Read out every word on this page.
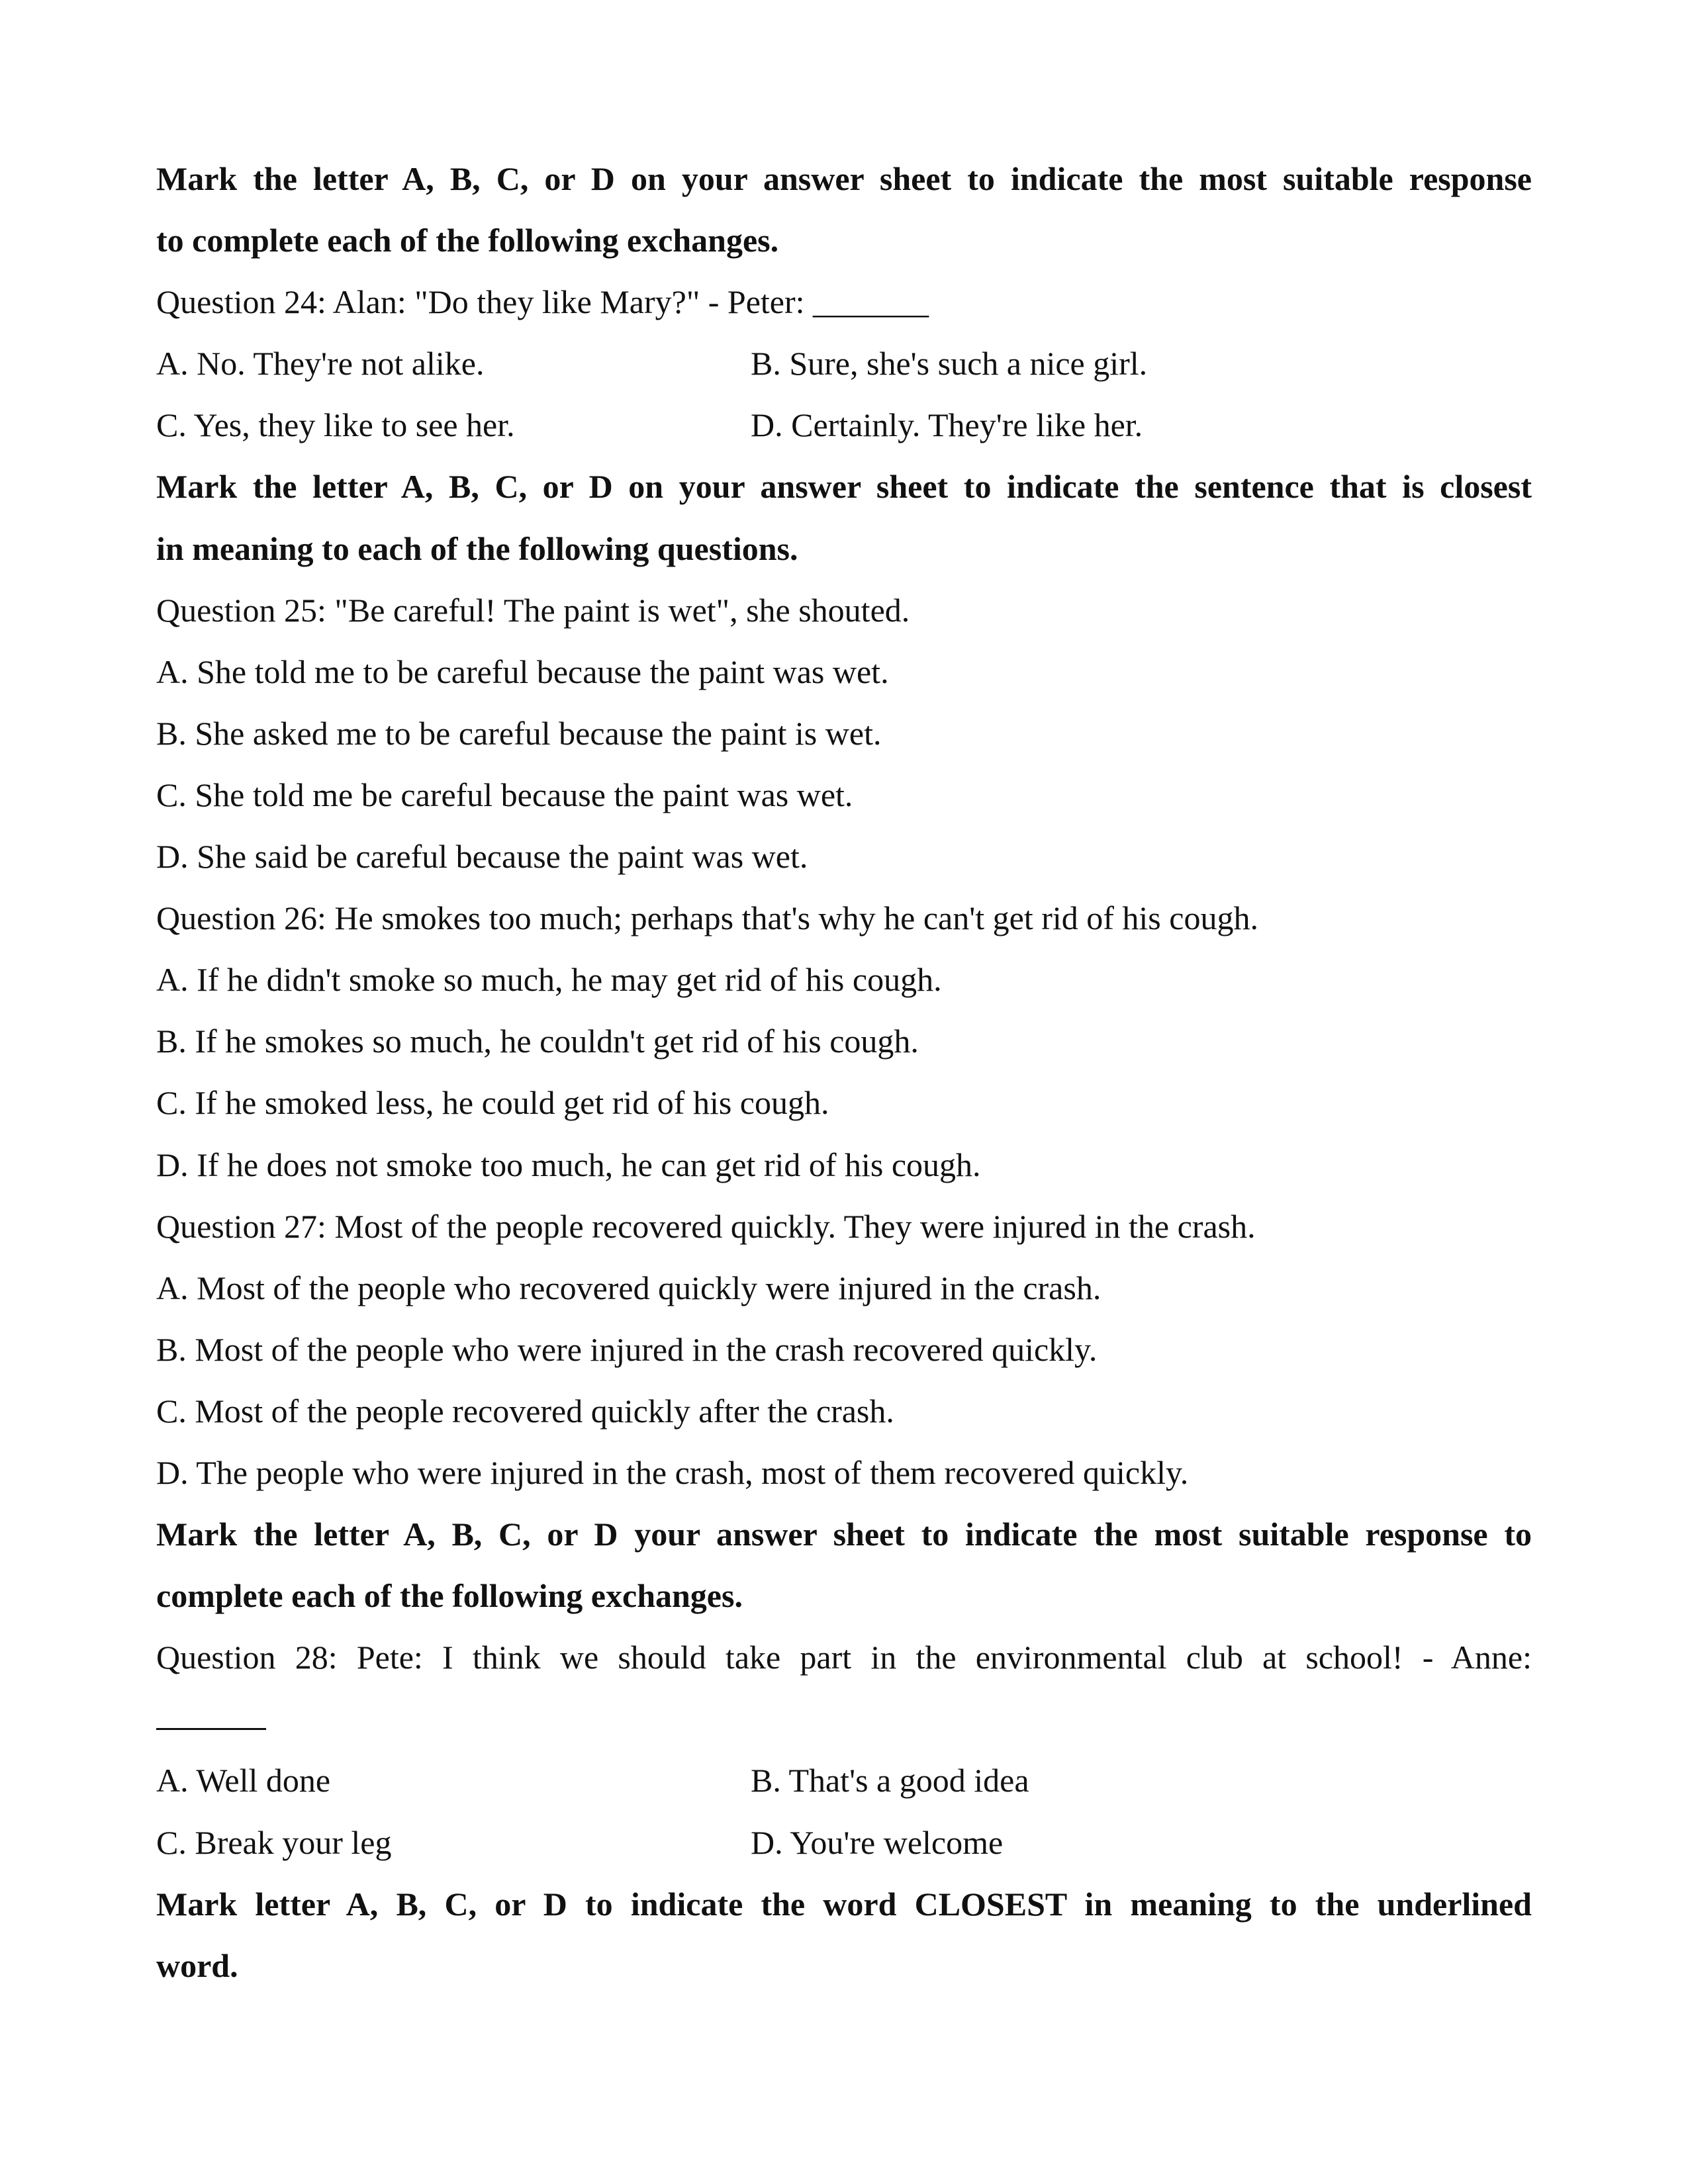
Mark the letter A, B, C, or D on your answer sheet to indicate the most suitable response
to complete each of the following exchanges.
Question 24: Alan: "Do they like Mary?" - Peter: _______
A. No. They're not alike.	B. Sure, she's such a nice girl.
C. Yes, they like to see her.	D. Certainly. They're like her.
Mark the letter A, B, C, or D on your answer sheet to indicate the sentence that is closest
in meaning to each of the following questions.
Question 25: "Be careful! The paint is wet", she shouted.
A. She told me to be careful because the paint was wet.
B. She asked me to be careful because the paint is wet.
C. She told me be careful because the paint was wet.
D. She said be careful because the paint was wet.
Question 26: He smokes too much; perhaps that's why he can't get rid of his cough.
A. If he didn't smoke so much, he may get rid of his cough.
B. If he smokes so much, he couldn't get rid of his cough.
C. If he smoked less, he could get rid of his cough.
D. If he does not smoke too much, he can get rid of his cough.
Question 27: Most of the people recovered quickly. They were injured in the crash.
A. Most of the people who recovered quickly were injured in the crash.
B. Most of the people who were injured in the crash recovered quickly.
C. Most of the people recovered quickly after the crash.
D. The people who were injured in the crash, most of them recovered quickly.
Mark the letter A, B, C, or D your answer sheet to indicate the most suitable response to
complete each of the following exchanges.
Question 28: Pete: I think we should take part in the environmental club at school! - Anne:
A. Well done	B. That's a good idea
C. Break your leg	D. You're welcome
Mark letter A, B, C, or D to indicate the word CLOSEST in meaning to the underlined
word.
